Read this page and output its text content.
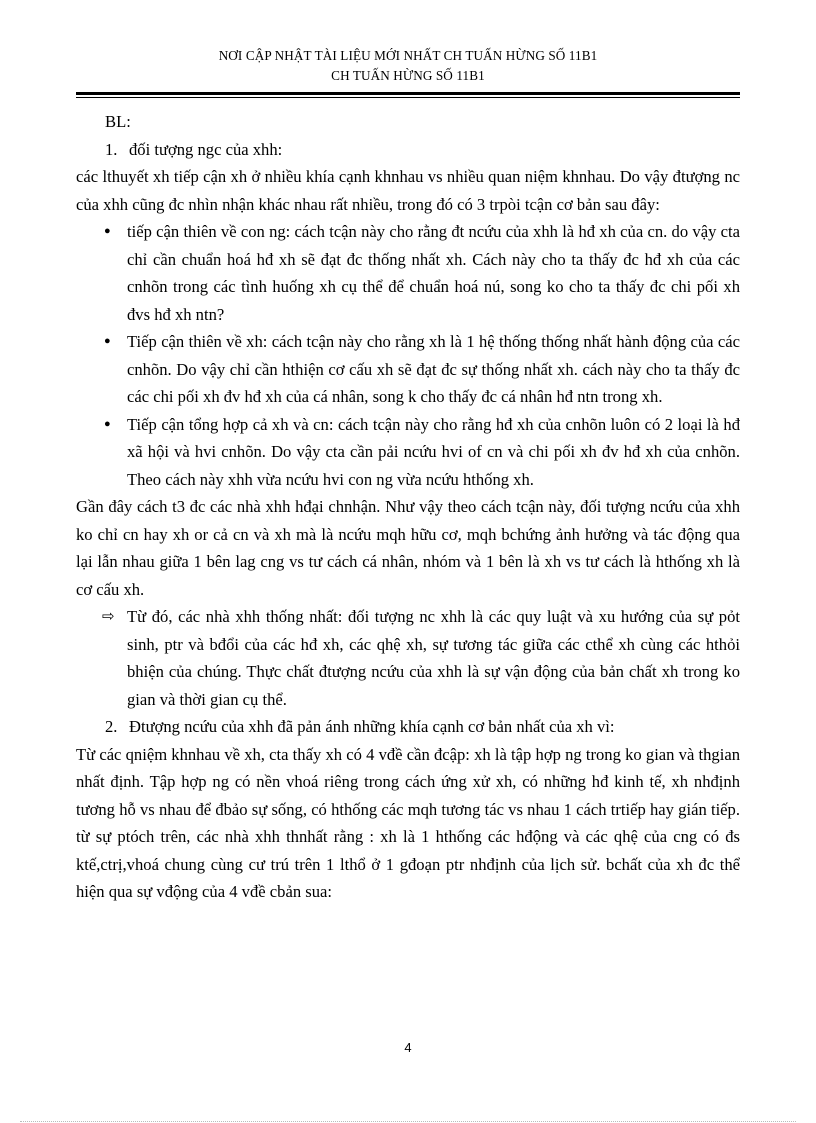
NƠI CẬP NHẬT TÀI LIỆU MỚI NHẤT CH TUẤN HỪNG SỐ 11B1
CH TUẤN HỪNG SỐ 11B1

BL:

1. đối tượng ngc của xhh:

các lthuyết xh tiếp cận xh ở nhiều khía cạnh khnhau vs nhiều quan niệm khnhau. Do vậy đtượng nc của xhh cũng đc nhìn nhận khác nhau rất nhiều, trong đó có 3 trpòi tcận cơ bản sau đây:

● tiếp cận thiên về con ng: cách tcận này cho rằng đt ncứu của xhh là hđ xh của cn. do vậy cta chỉ cần chuẩn hoá hđ xh sẽ đạt đc thống nhất xh. Cách này cho ta thấy đc hđ xh của các cnhõn trong các tình huống xh cụ thể để chuẩn hoá nú, song ko cho ta thấy đc chi pối xh đvs hđ xh ntn?
● Tiếp cận thiên về xh: cách tcận này cho rằng xh là 1 hệ thống thống nhất hành động của các cnhõn. Do vậy chỉ cần hthiện cơ cấu xh sẽ đạt đc sự thống nhất xh. cách này cho ta thấy đc các chi pối xh đv hđ xh của cá nhân, song k cho thấy đc cá nhân hđ ntn trong xh.
● Tiếp cận tổng hợp cả xh và cn: cách tcận này cho rằng hđ xh của cnhõn luôn có 2 loại là hđ xã hội và hvi cnhõn. Do vậy cta cần pải ncứu hvi of cn và chi pối xh đv hđ xh của cnhõn. Theo cách này xhh vừa ncứu hvi con ng vừa ncứu hthống xh.

Gần đây cách t3 đc các nhà xhh hđại chnhận. Như vậy theo cách tcận này, đối tượng ncứu của xhh ko chỉ cn hay xh or cả cn và xh mà là ncứu mqh hữu cơ, mqh bchứng ảnh hưởng và tác động qua lại lẫn nhau giữa 1 bên lag cng vs tư cách cá nhân, nhóm và 1 bên là xh vs tư cách là hthống xh là cơ cấu xh.

⇨ Từ đó, các nhà xhh thống nhất: đối tượng nc xhh là các quy luật và xu hướng của sự pỏt sinh, ptr và bđổi của các hđ xh, các qhệ xh, sự tương tác giữa các cthể xh cùng các hthỏi bhiện của chúng. Thực chất đtượng ncứu của xhh là sự vận động của bản chất xh trong ko gian và thời gian cụ thể.
2. Đtượng ncứu của xhh đã pản ánh những khía cạnh cơ bản nhất của xh vì:

Từ các qniệm khnhau về xh, cta thấy xh có 4 vđề cần đcập: xh là tập hợp ng trong ko gian và thgian nhất định. Tập hợp ng có nền vhoá riêng trong cách ứng xử xh, có những hđ kinh tế, xh nhđịnh tương hỗ vs nhau để đbảo sự sống, có hthống các mqh tương tác vs nhau 1 cách trtiếp hay gián tiếp. từ sự ptóch trên, các nhà xhh thnhất rằng : xh là 1 hthống các hđộng và các qhệ của cng có đs ktế,ctrị,vhoá chung cùng cư trú trên 1 lthổ ở 1 gđoạn ptr nhđịnh của lịch sử. bchất của xh đc thể hiện qua sự vđộng của 4 vđề cbản sua:

4
